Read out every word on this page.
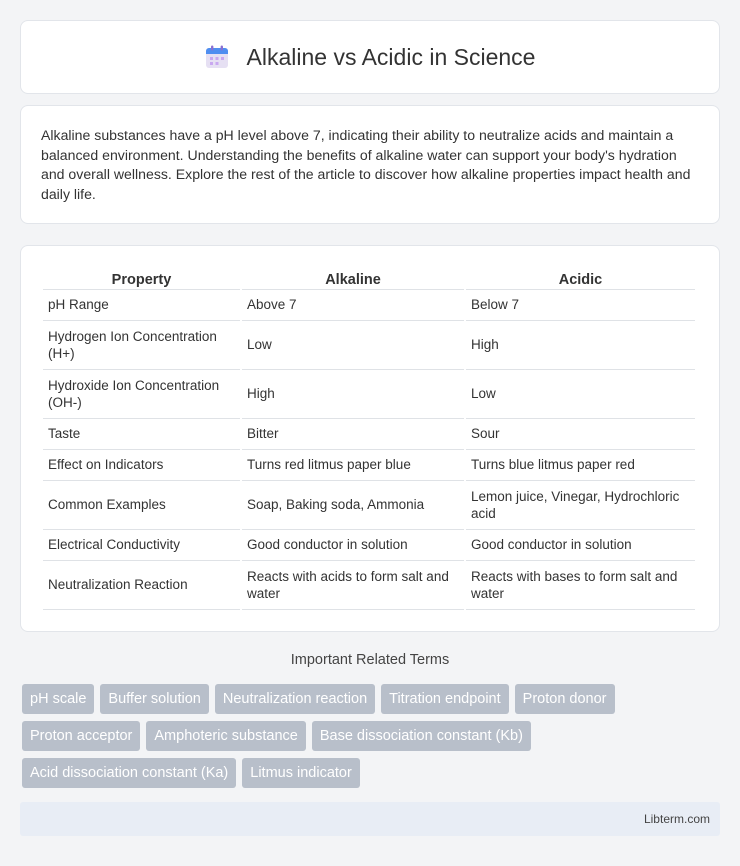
Alkaline vs Acidic in Science

Alkaline substances have a pH level above 7, indicating their ability to neutralize acids and maintain a balanced environment. Understanding the benefits of alkaline water can support your body's hydration and overall wellness. Explore the rest of the article to discover how alkaline properties impact health and daily life.

Property	Alkaline	Acidic
pH Range	Above 7	Below 7
Hydrogen Ion Concentration (H+)	Low	High
Hydroxide Ion Concentration (OH-)	High	Low
Taste	Bitter	Sour
Effect on Indicators	Turns red litmus paper blue	Turns blue litmus paper red
Common Examples	Soap, Baking soda, Ammonia	Lemon juice, Vinegar, Hydrochloric acid
Electrical Conductivity	Good conductor in solution	Good conductor in solution
Neutralization Reaction	Reacts with acids to form salt and water	Reacts with bases to form salt and water
Important Related Terms
pH scale	Buffer solution	Neutralization reaction	Titration endpoint	Proton donor
Proton acceptor	Amphoteric substance	Base dissociation constant (Kb)
Acid dissociation constant (Ka)	Litmus indicator
Libterm.com
